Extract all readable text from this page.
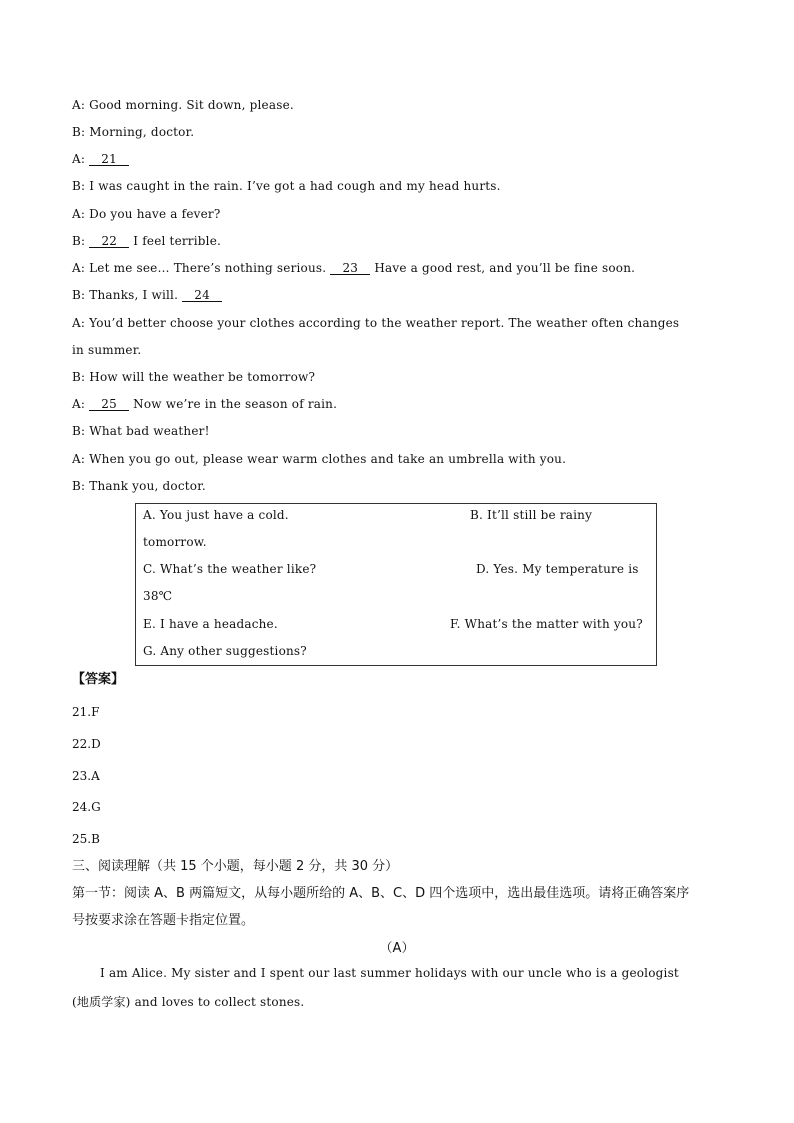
A: Good morning. Sit down, please.
B: Morning, doctor.
A: 21
B: I was caught in the rain. I’ve got a had cough and my head hurts.
A: Do you have a fever?
B: 22 I feel terrible.
A: Let me see… There’s nothing serious. 23 Have a good rest, and you’ll be fine soon.
B: Thanks, I will. 24
A: You’d better choose your clothes according to the weather report. The weather often changes
in summer.
B: How will the weather be tomorrow?
A: 25 Now we’re in the season of rain.
B: What bad weather!
A: When you go out, please wear warm clothes and take an umbrella with you.
B: Thank you, doctor.
A. You just have a cold.	B. It’ll still be rainy
tomorrow.
C. What’s the weather like?	D. Yes. My temperature is
38℃
E. I have a headache.	F. What’s the matter with you?
G. Any other suggestions?
【答案】
21.F
22.D
23.A
24.G
25.B
三、阅读理解（共 15 个小题，每小题 2 分，共 30 分）
第一节：阅读 A、B 两篇短文，从每小题所给的 A、B、C、D 四个选项中，选出最佳选项。请将正确答案序
号按要求涂在答题卡指定位置。
（A）
I am Alice. My sister and I spent our last summer holidays with our uncle who is a geologist
(地质学家) and loves to collect stones.
